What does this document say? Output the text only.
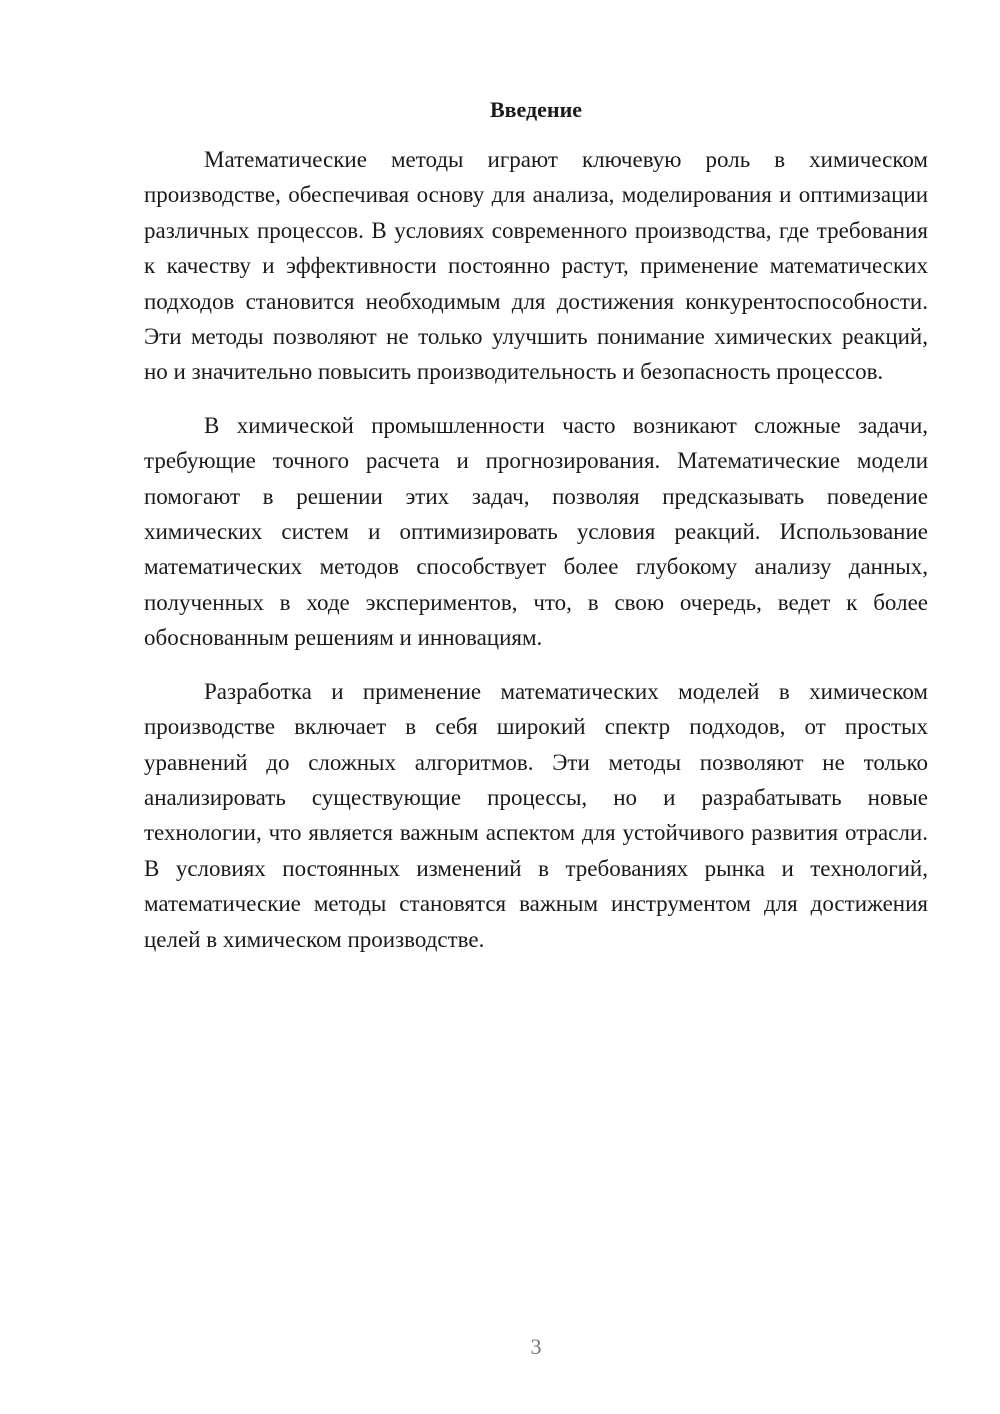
Введение

Математические методы играют ключевую роль в химическом производстве, обеспечивая основу для анализа, моделирования и оптимизации различных процессов. В условиях современного производства, где требования к качеству и эффективности постоянно растут, применение математических подходов становится необходимым для достижения конкурентоспособности. Эти методы позволяют не только улучшить понимание химических реакций, но и значительно повысить производительность и безопасность процессов.

В химической промышленности часто возникают сложные задачи, требующие точного расчета и прогнозирования. Математические модели помогают в решении этих задач, позволяя предсказывать поведение химических систем и оптимизировать условия реакций. Использование математических методов способствует более глубокому анализу данных, полученных в ходе экспериментов, что, в свою очередь, ведет к более обоснованным решениям и инновациям.

Разработка и применение математических моделей в химическом производстве включает в себя широкий спектр подходов, от простых уравнений до сложных алгоритмов. Эти методы позволяют не только анализировать существующие процессы, но и разрабатывать новые технологии, что является важным аспектом для устойчивого развития отрасли. В условиях постоянных изменений в требованиях рынка и технологий, математические методы становятся важным инструментом для достижения целей в химическом производстве.

3
